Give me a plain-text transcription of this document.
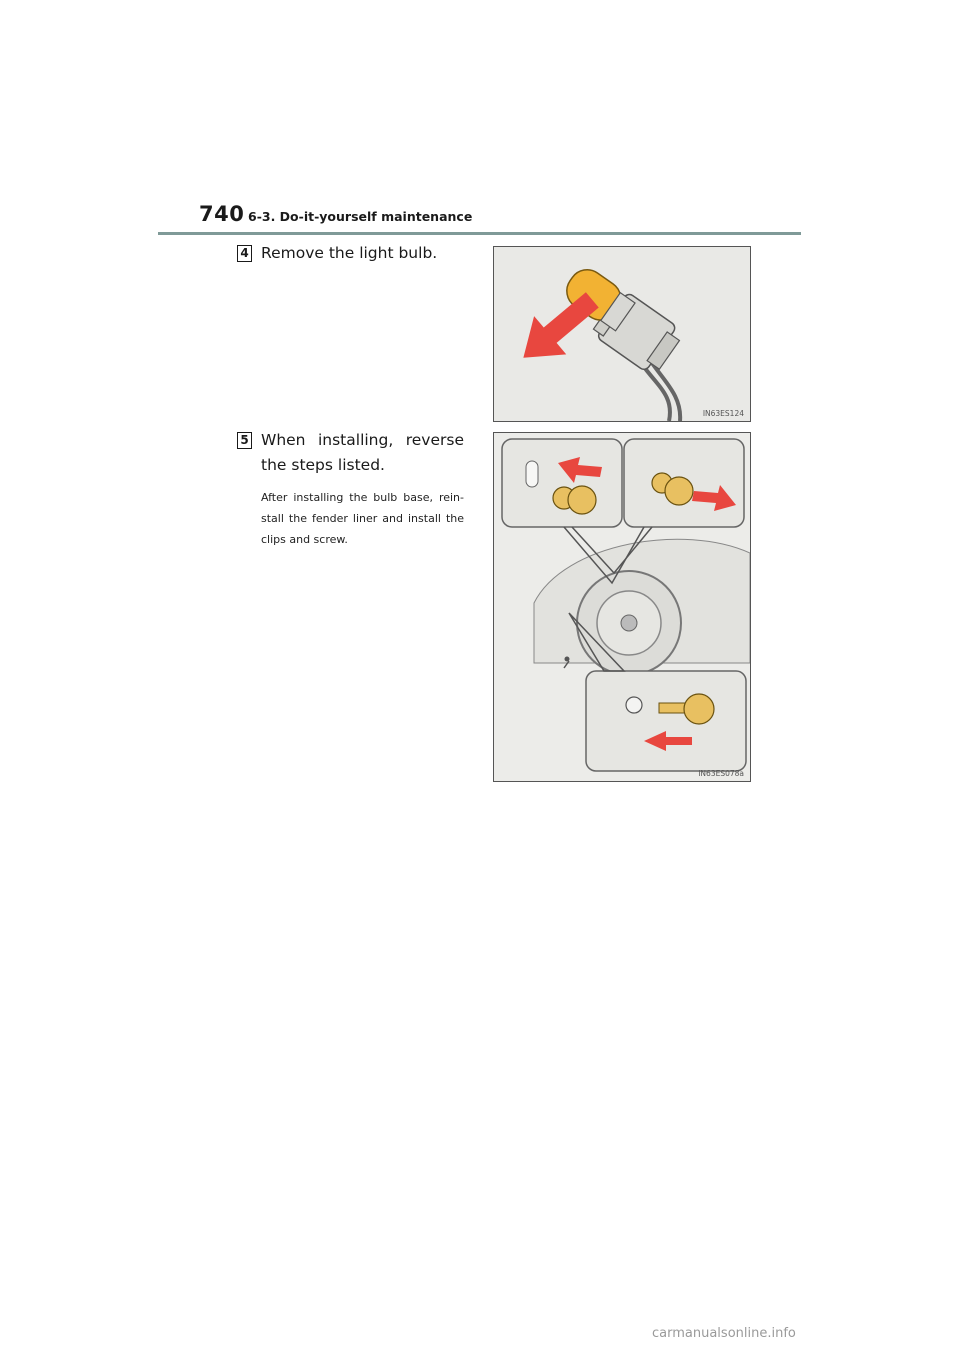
740 6-3. Do-it-yourself maintenance
4 Remove the light bulb.
IN63ES124
5 When installing, reverse the steps listed.
After installing the bulb base, rein-stall the fender liner and install the clips and screw.
IN63ES078a
carmanualsonline.info
